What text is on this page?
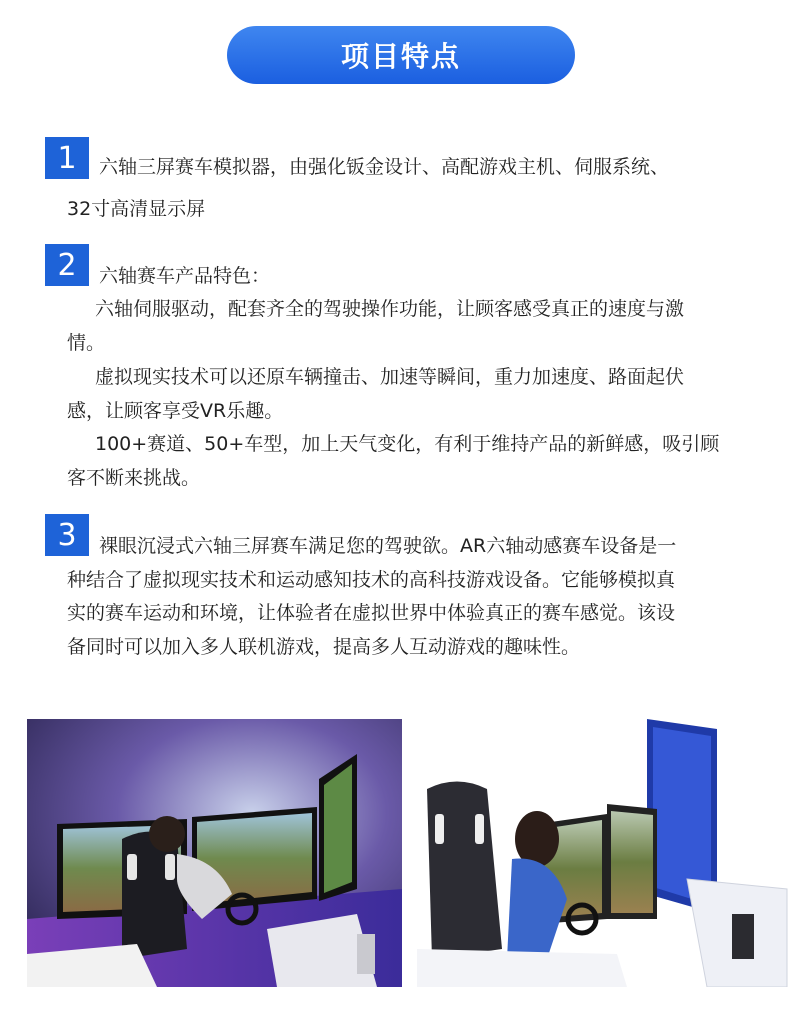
项目特点
1	六轴三屏赛车模拟器，由强化钣金设计、高配游戏主机、伺服系统、
32寸高清显示屏
2	六轴赛车产品特色：
六轴伺服驱动，配套齐全的驾驶操作功能，让顾客感受真正的速度与激
情。
虚拟现实技术可以还原车辆撞击、加速等瞬间，重力加速度、路面起伏
感，让顾客享受VR乐趣。
100+赛道、50+车型，加上天气变化，有利于维持产品的新鲜感，吸引顾
客不断来挑战。
3	裸眼沉浸式六轴三屏赛车满足您的驾驶欲。AR六轴动感赛车设备是一
种结合了虚拟现实技术和运动感知技术的高科技游戏设备。它能够模拟真
实的赛车运动和环境，让体验者在虚拟世界中体验真正的赛车感觉。该设
备同时可以加入多人联机游戏，提高多人互动游戏的趣味性。
